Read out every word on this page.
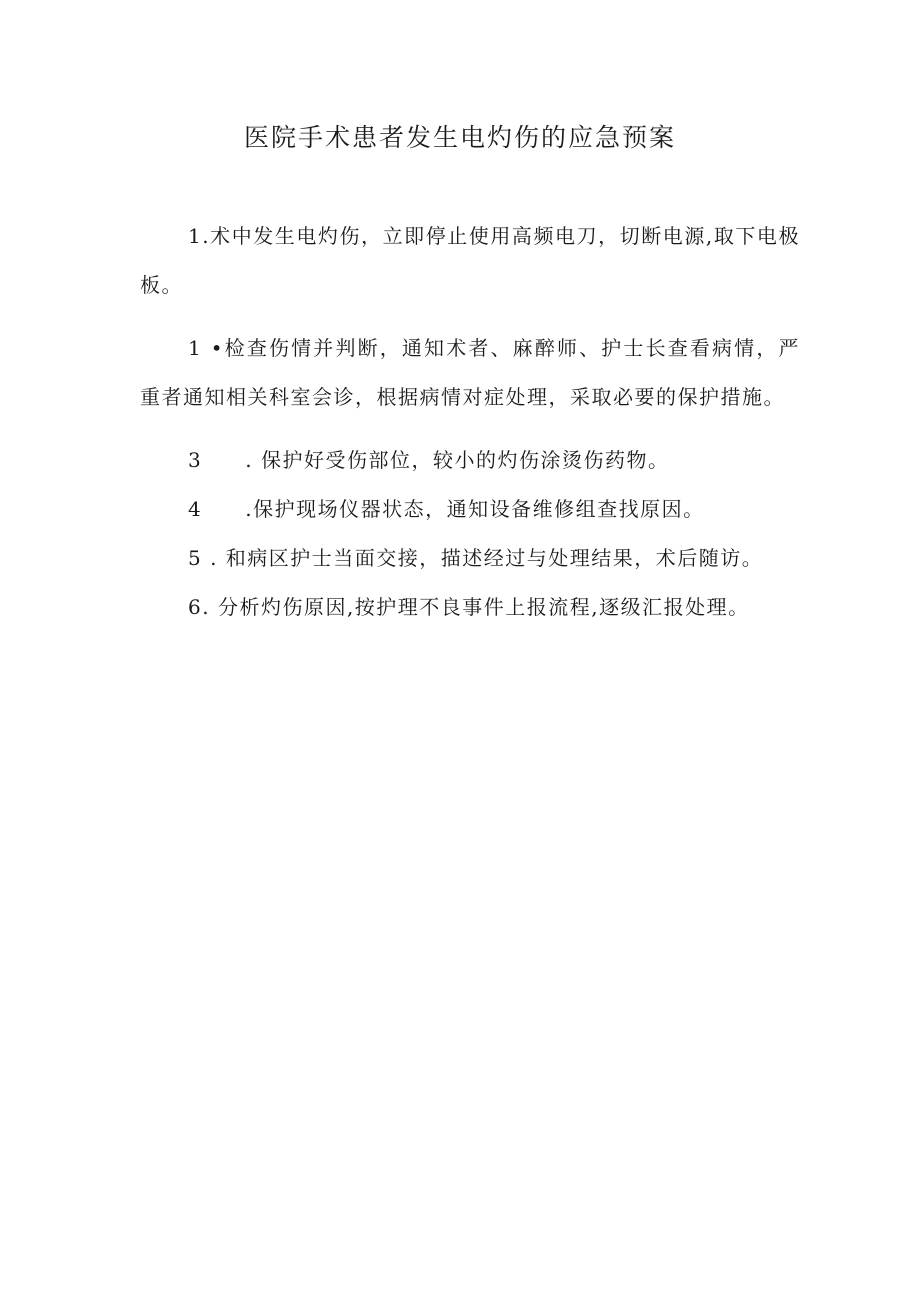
医院手术患者发生电灼伤的应急预案

1.术中发生电灼伤，立即停止使用高频电刀，切断电源,取下电极板。

1 •检查伤情并判断，通知术者、麻醉师、护士长查看病情，严重者通知相关科室会诊，根据病情对症处理，采取必要的保护措施。

3　　. 保护好受伤部位，较小的灼伤涂烫伤药物。

4　　.保护现场仪器状态，通知设备维修组查找原因。

5 . 和病区护士当面交接，描述经过与处理结果，术后随访。

6. 分析灼伤原因,按护理不良事件上报流程,逐级汇报处理。
